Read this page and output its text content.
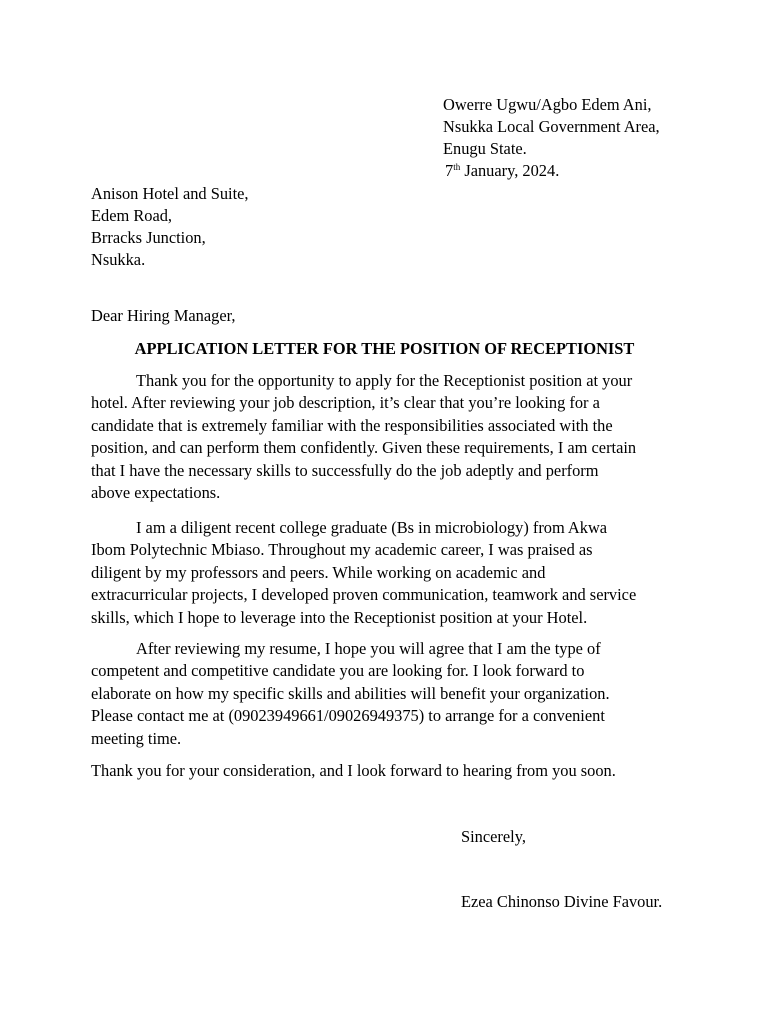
Owerre Ugwu/Agbo Edem Ani,
Nsukka Local Government Area,
Enugu State.
7th January, 2024.
Anison Hotel and Suite,
Edem Road,
Brracks Junction,
Nsukka.
Dear Hiring Manager,
APPLICATION LETTER FOR THE POSITION OF RECEPTIONIST
Thank you for the opportunity to apply for the Receptionist position at your
hotel. After reviewing your job description, it’s clear that you’re looking for a
candidate that is extremely familiar with the responsibilities associated with the
position, and can perform them confidently. Given these requirements, I am certain
that I have the necessary skills to successfully do the job adeptly and perform
above expectations.
I am a diligent recent college graduate (Bs in microbiology) from Akwa
Ibom Polytechnic Mbiaso. Throughout my academic career, I was praised as
diligent by my professors and peers. While working on academic and
extracurricular projects, I developed proven communication, teamwork and service
skills, which I hope to leverage into the Receptionist position at your Hotel.
After reviewing my resume, I hope you will agree that I am the type of
competent and competitive candidate you are looking for. I look forward to
elaborate on how my specific skills and abilities will benefit your organization.
Please contact me at (09023949661/09026949375) to arrange for a convenient
meeting time.
Thank you for your consideration, and I look forward to hearing from you soon.
Sincerely,
Ezea Chinonso Divine Favour.
